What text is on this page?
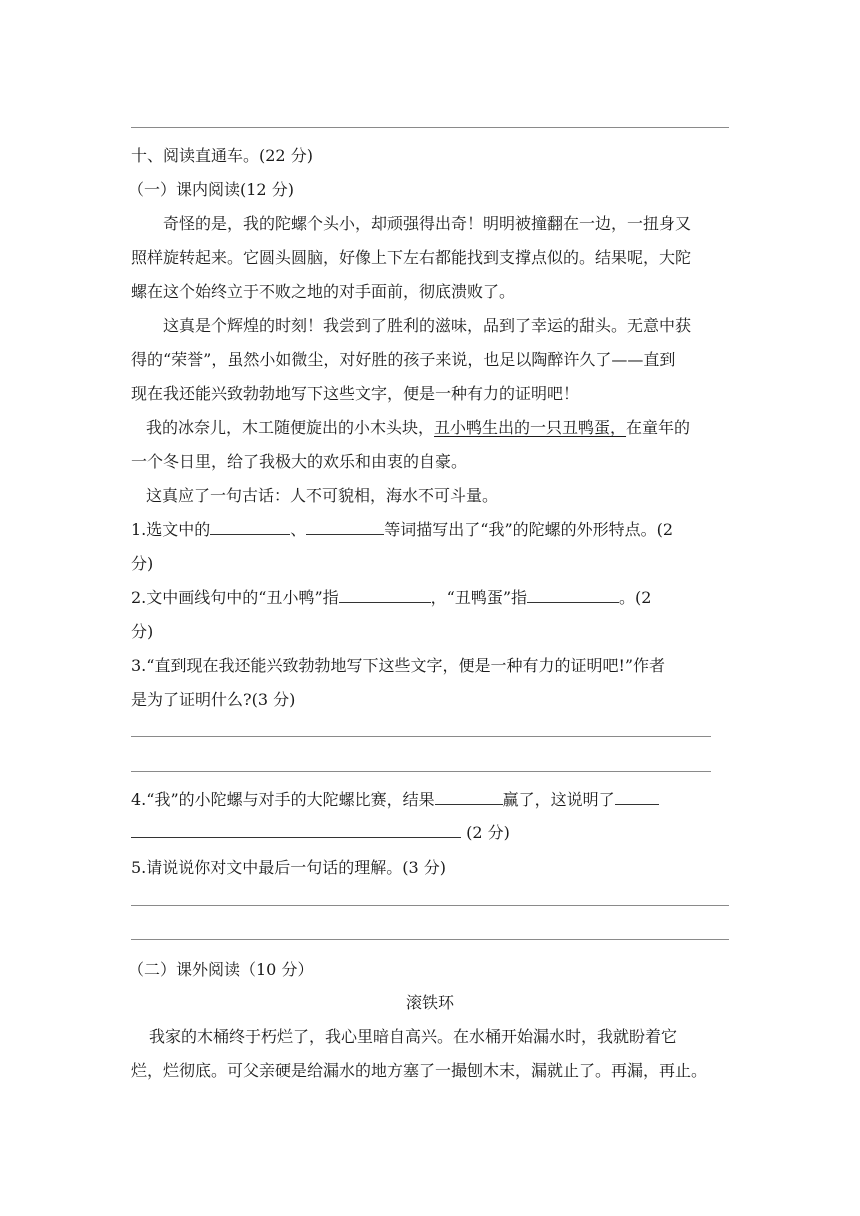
十、阅读直通车。(22 分)
（一）课内阅读(12 分)
奇怪的是，我的陀螺个头小，却顽强得出奇！明明被撞翻在一边，一扭身又
照样旋转起来。它圆头圆脑，好像上下左右都能找到支撑点似的。结果呢，大陀
螺在这个始终立于不败之地的对手面前，彻底溃败了。
这真是个辉煌的时刻！我尝到了胜利的滋味，品到了幸运的甜头。无意中获
得的“荣誉”，虽然小如微尘，对好胜的孩子来说，也足以陶醉许久了——直到
现在我还能兴致勃勃地写下这些文字，便是一种有力的证明吧！
我的冰奈儿，木工随便旋出的小木头块，丑小鸭生出的一只丑鸭蛋，在童年的
一个冬日里，给了我极大的欢乐和由衷的自豪。
这真应了一句古话：人不可貌相，海水不可斗量。
1.选文中的	、	等词描写出了“我”的陀螺的外形特点。(2
分)
2.文中画线句中的“丑小鸭”指	，“丑鸭蛋”指	。(2
分)
3.“直到现在我还能兴致勃勃地写下这些文字，便是一种有力的证明吧!”作者
是为了证明什么?(3 分)
4.“我”的小陀螺与对手的大陀螺比赛，结果	赢了，这说明了
(2 分)
5.请说说你对文中最后一句话的理解。(3 分)
（二）课外阅读（10 分）
滚铁环
我家的木桶终于朽烂了，我心里暗自高兴。在水桶开始漏水时，我就盼着它
烂，烂彻底。可父亲硬是给漏水的地方塞了一撮刨木末，漏就止了。再漏，再止。
